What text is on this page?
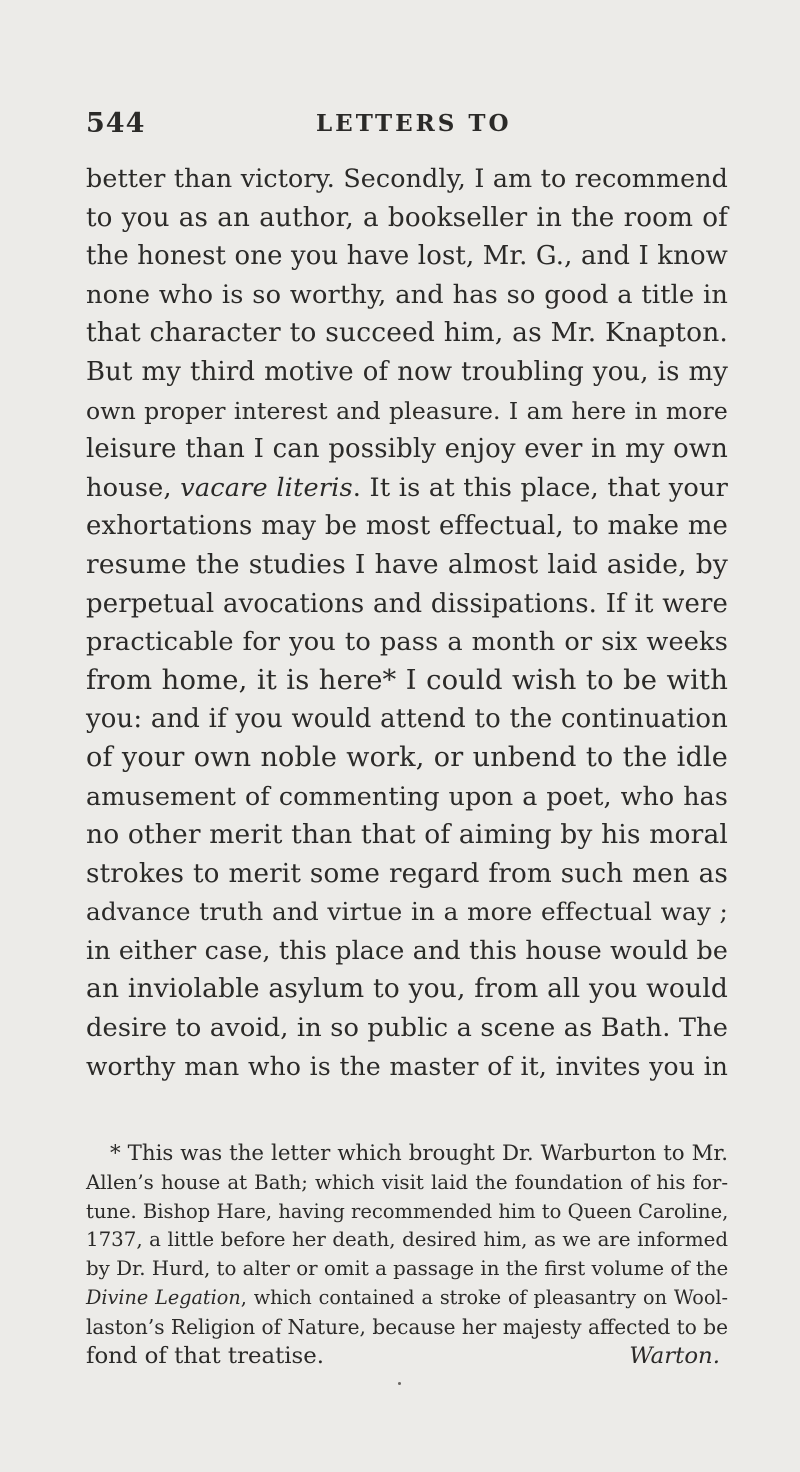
544	LETTERS TO
better than victory. Secondly, I am to recommend
to you as an author, a bookseller in the room of
the honest one you have lost, Mr. G., and I know
none who is so worthy, and has so good a title in
that character to succeed him, as Mr. Knapton.
But my third motive of now troubling you, is my
own proper interest and pleasure. I am here in more
leisure than I can possibly enjoy ever in my own
house, vacare literis. It is at this place, that your
exhortations may be most effectual, to make me
resume the studies I have almost laid aside, by
perpetual avocations and dissipations. If it were
practicable for you to pass a month or six weeks
from home, it is here* I could wish to be with
you: and if you would attend to the continuation
of your own noble work, or unbend to the idle
amusement of commenting upon a poet, who has
no other merit than that of aiming by his moral
strokes to merit some regard from such men as
advance truth and virtue in a more effectual way ;
in either case, this place and this house would be
an inviolable asylum to you, from all you would
desire to avoid, in so public a scene as Bath. The
worthy man who is the master of it, invites you in
* This was the letter which brought Dr. Warburton to Mr.
Allen’s house at Bath; which visit laid the foundation of his for-
tune. Bishop Hare, having recommended him to Queen Caroline,
1737, a little before her death, desired him, as we are informed
by Dr. Hurd, to alter or omit a passage in the first volume of the
Divine Legation, which contained a stroke of pleasantry on Wool-
laston’s Religion of Nature, because her majesty affected to be
fond of that treatise.	Warton.
